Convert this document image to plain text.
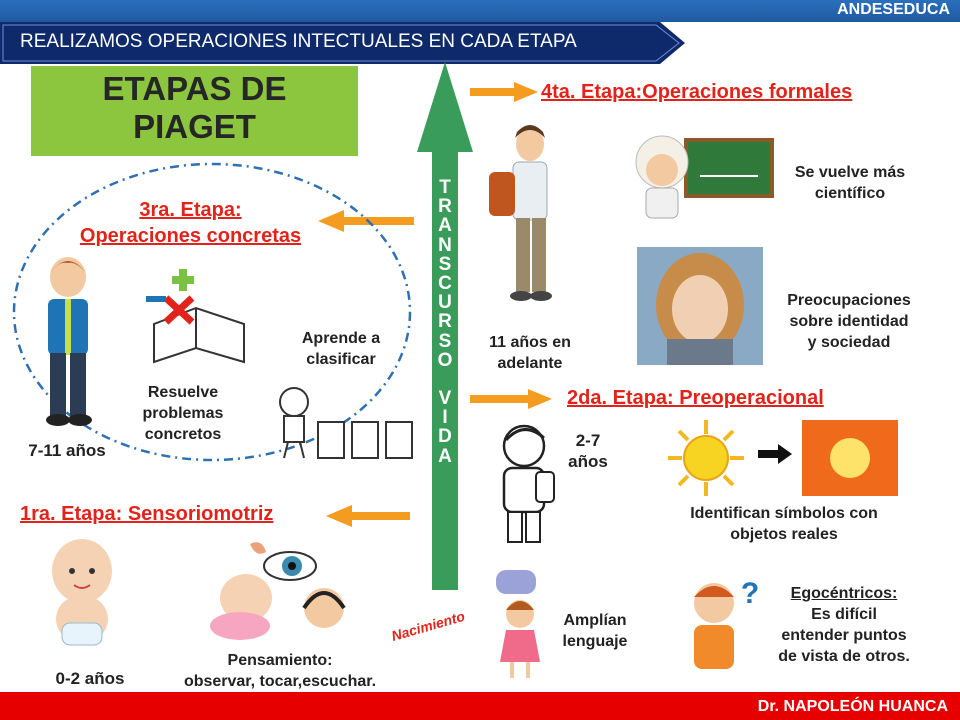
ANDESEDUCA
REALIZAMOS OPERACIONES INTECTUALES EN CADA ETAPA
ETAPAS DE
PIAGET
T
R
A
N
S
C
U
R
S
O
V
I
D
A
Nacimiento
4ta. Etapa:Operaciones formales
11 años en
adelante
Se vuelve más
científico
Preocupaciones
sobre identidad
y sociedad
3ra. Etapa:
Operaciones concretas
7-11 años
Resuelve
problemas
concretos
Aprende a
clasificar
2da. Etapa: Preoperacional
2-7 años
Identifican símbolos con
objetos reales
Amplían
lenguaje
?	Egocéntricos:
Es difícil
entender puntos
de vista de otros.
1ra. Etapa: Sensoriomotriz
0-2 años
Pensamiento:
observar, tocar,escuchar.
Dr. NAPOLEÓN HUANCA
